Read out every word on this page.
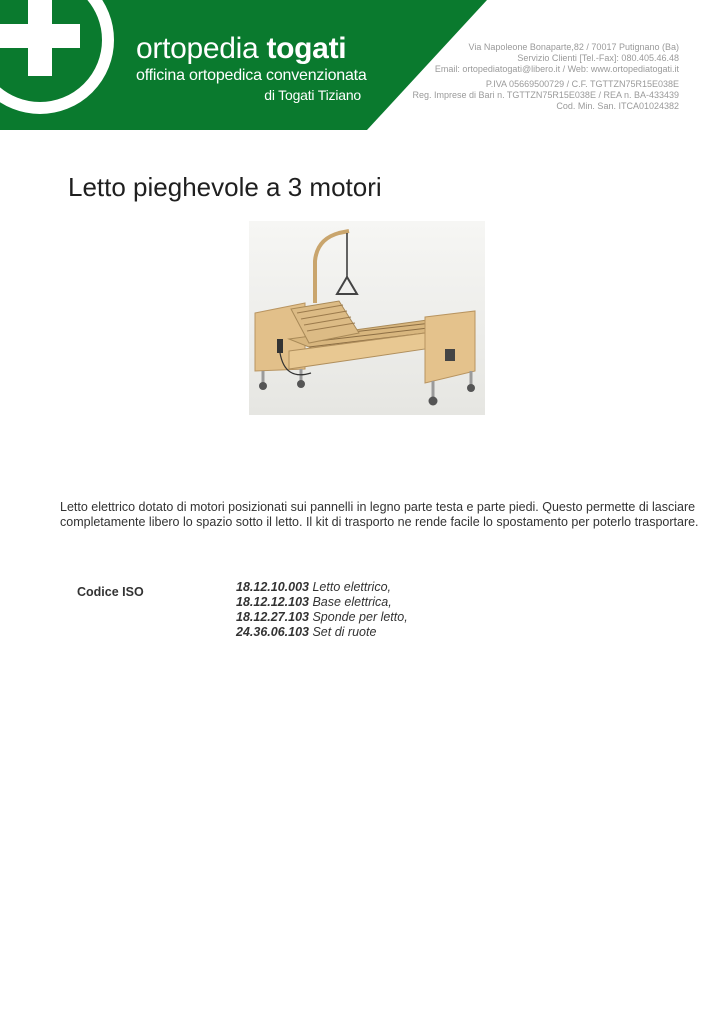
ortopedia togati
officina ortopedica convenzionata
di Togati Tiziano
Via Napoleone Bonaparte,82 / 70017 Putignano (Ba)
Servizio Clienti [Tel.-Fax]: 080.405.46.48
Email: ortopediatogati@libero.it / Web: www.ortopediatogati.it
P.IVA 05669500729 / C.F. TGTTZN75R15E038E
Reg. Imprese di Bari n. TGTTZN75R15E038E / REA n. BA-433439
Cod. Min. San. ITCA01024382
Letto pieghevole a 3 motori
Letto elettrico dotato di motori posizionati sui pannelli in legno parte testa e parte piedi. Questo permette di lasciare completamente libero lo spazio sotto il letto. Il kit di trasporto ne rende facile lo spostamento per poterlo trasportare.
Codice ISO	18.12.10.003 Letto elettrico,
18.12.12.103 Base elettrica,
18.12.27.103 Sponde per letto,
24.36.06.103 Set di ruote
